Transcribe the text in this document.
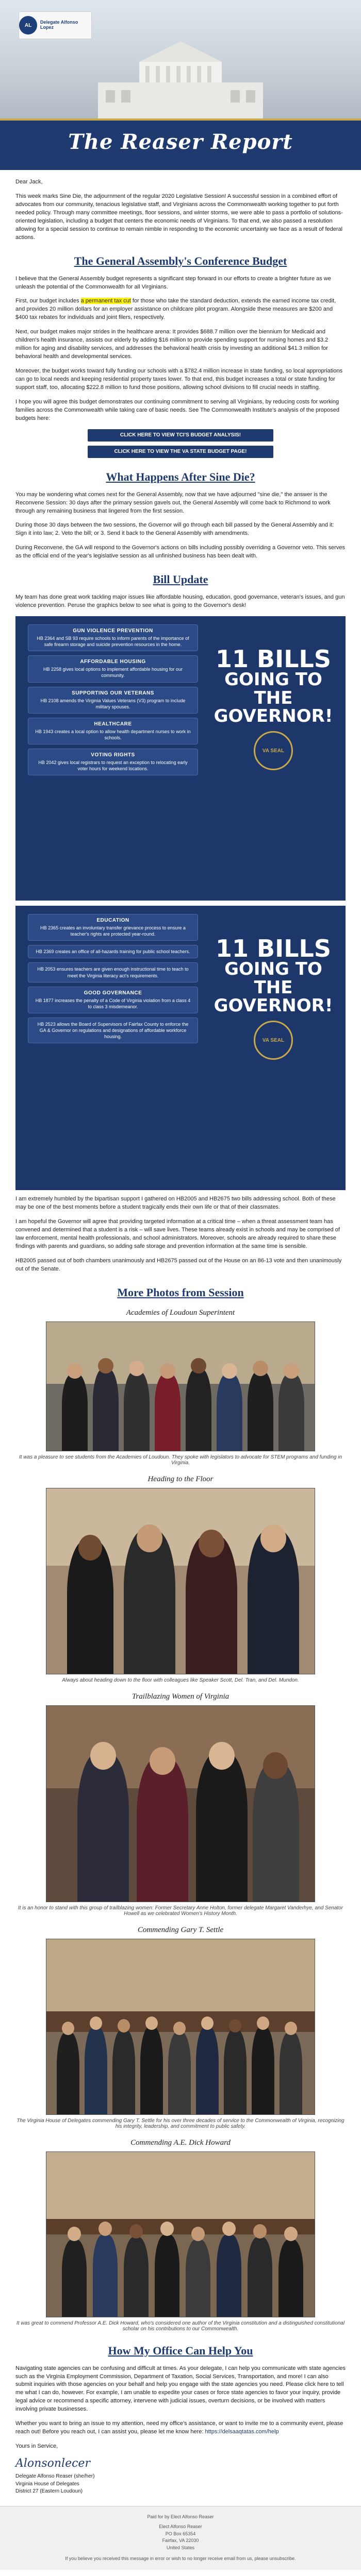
AL
Delegate Alfonso Lopez
The Reaser Report

Dear Jack,

This week marks Sine Die, the adjournment of the regular 2020 Legislative Session! A successful session in a combined effort of advocates from our community, tenacious legislative staff, and Virginians across the Commonwealth working together to put forth needed policy. Through many committee meetings, floor sessions, and winter storms, we were able to pass a portfolio of solutions-oriented legislation, including a budget that centers the economic needs of Virginians. To that end, we also passed a resolution allowing for a special session to continue to remain nimble in responding to the economic uncertainty we face as a result of federal actions.

The General Assembly's Conference Budget

I believe that the General Assembly budget represents a significant step forward in our efforts to create a brighter future as we unleash the potential of the Commonwealth for all Virginians.

First, our budget includes a permanent tax cut for those who take the standard deduction, extends the earned income tax credit, and provides 20 million dollars for an employer assistance on childcare pilot program. Alongside these measures are $200 and $400 tax rebates for individuals and joint filers, respectively.

Next, our budget makes major strides in the healthcare arena: It provides $688.7 million over the biennium for Medicaid and children's health insurance, assists our elderly by adding $16 million to provide spending support for nursing homes and $3.2 million for aging and disability services, and addresses the behavioral health crisis by investing an additional $41.3 million for behavioral health and developmental services.

Moreover, the budget works toward fully funding our schools with a $782.4 million increase in state funding, so local appropriations can go to local needs and keeping residential property taxes lower. To that end, this budget increases a total or state funding for support staff, too, allocating $222.8 million to fund those positions, allowing school divisions to fill crucial needs in staffing.

I hope you will agree this budget demonstrates our continuing commitment to serving all Virginians, by reducing costs for working families across the Commonwealth while taking care of basic needs. See The Commonwealth Institute's analysis of the proposed budgets here:

CLICK HERE TO VIEW TCI'S BUDGET ANALYSIS!
CLICK HERE TO VIEW THE VA STATE BUDGET PAGE!
What Happens After Sine Die?

You may be wondering what comes next for the General Assembly, now that we have adjourned "sine die," the answer is the Reconvene Session: 30 days after the primary session gavels out, the General Assembly will come back to Richmond to work through any remaining business that lingered from the first session.

During those 30 days between the two sessions, the Governor will go through each bill passed by the General Assembly and it: Sign it into law; 2. Veto the bill; or 3. Send it back to the General Assembly with amendments.

During Reconvene, the GA will respond to the Governor's actions on bills including possibly overriding a Governor veto. This serves as the official end of the year's legislative session as all unfinished business has been dealt with.

Bill Update

My team has done great work tackling major issues like affordable housing, education, good governance, veteran's issues, and gun violence prevention. Peruse the graphics below to see what is going to the Governor's desk!

GUN VIOLENCE PREVENTION
HB 2364 and SB 93 require schools to inform parents of the importance of safe firearm storage and suicide prevention resources in the home.
AFFORDABLE HOUSING
HB 2258 gives local options to implement affordable housing for our community.
SUPPORTING OUR VETERANS
HB 2108 amends the Virginia Values Veterans (V3) program to include military spouses.
HEALTHCARE
HB 1943 creates a local option to allow health department nurses to work in schools.
VOTING RIGHTS
HB 2042 gives local registrars to request an exception to relocating early voter hours for weekend locations.
11 BILLS
GOING TO THE GOVERNOR!
VA SEAL
EDUCATION
HB 2365 creates an involuntary transfer grievance process to ensure a teacher's rights are protected year-round.
HB 2369 creates an office of all-hazards training for public school teachers.
HB 2053 ensures teachers are given enough instructional time to teach to meet the Virginia literacy act's requirements.
GOOD GOVERNANCE
HB 1877 increases the penalty of a Code of Virginia violation from a class 4 to class 3 misdemeanor.
HB 2523 allows the Board of Supervisors of Fairfax County to enforce the GA & Governor on regulations and designations of affordable workforce housing.
11 BILLS
GOING TO THE GOVERNOR!
VA SEAL

I am extremely humbled by the bipartisan support I gathered on HB2005 and HB2675 two bills addressing school. Both of these may be one of the best moments before a student tragically ends their own life or that of their classmates.

I am hopeful the Governor will agree that providing targeted information at a critical time – when a threat assessment team has convened and determined that a student is a risk – will save lives. These teams already exist in schools and may be comprised of law enforcement, mental health professionals, and school administrators. Moreover, schools are already required to share these findings with parents and guardians, so adding safe storage and prevention information at the same time is sensible.

HB2005 passed out of both chambers unanimously and HB2675 passed out of the House on an 86-13 vote and then unanimously out of the Senate.

More Photos from Session
Academies of Loudoun Superintent
It was a pleasure to see students from the Academies of Loudoun. They spoke with legislators to advocate for STEM programs and funding in Virginia.
Heading to the Floor
Always about heading down to the floor with colleagues like Speaker Scott, Del. Tran, and Del. Mundon.
Trailblazing Women of Virginia
It is an honor to stand with this group of trailblazing women: Former Secretary Anne Holton, former delegate Margaret Vanderhye, and Senator Howell as we celebrated Women's History Month.
Commending Gary T. Settle
The Virginia House of Delegates commending Gary T. Settle for his over three decades of service to the Commonwealth of Virginia, recognizing his integrity, leadership, and commitment to public safety.
Commending A.E. Dick Howard
It was great to commend Professor A.E. Dick Howard, who's considered one author of the Virginia constitution and a distinguished constitutional scholar on his contributions to our Commonwealth.
How My Office Can Help You

Navigating state agencies can be confusing and difficult at times. As your delegate, I can help you communicate with state agencies such as the Virginia Employment Commission, Department of Taxation, Social Services, Transportation, and more! I can also submit inquiries with those agencies on your behalf and help you engage with the state agencies you need. Please click here to tell me what I can do, however. For example, I am unable to expedite your cases or force state agencies to favor your inquiry, provide legal advice or recommend a specific attorney, intervene with judicial issues, overturn decisions, or be involved with matters involving private businesses.

Whether you want to bring an issue to my attention, need my office's assistance, or want to invite me to a community event, please reach out! Before you reach out, I can assist you, please let me know here: https://delsaaqtatas.com/help

Yours in Service,

Alonsonlecer

Delegate Alfonso Reaser (she/her)

Virginia House of Delegates

District 27 (Eastern Loudoun)

Paid for by Elect Alfonso Reaser
Elect Alfonso Reaser
PO Box 65354
Fairfax, VA 22030
United States
If you believe you received this message in error or wish to no longer receive email from us, please unsubscribe.
